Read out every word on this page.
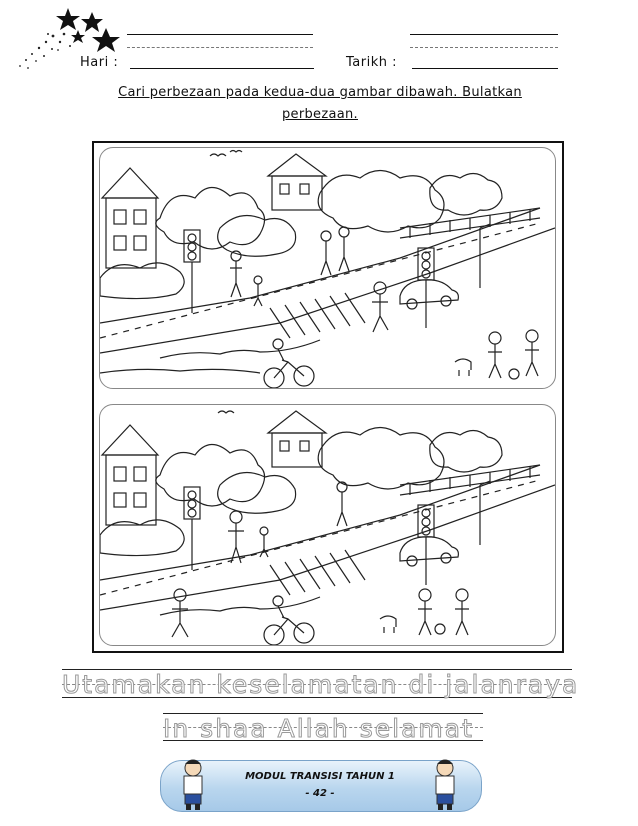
Hari :	Tarikh :
Cari perbezaan pada kedua-dua gambar dibawah. Bulatkan
perbezaan.
Utamakan keselamatan di jalanraya
In shaa Allah selamat
MODUL TRANSISI TAHUN 1
- 42 -
